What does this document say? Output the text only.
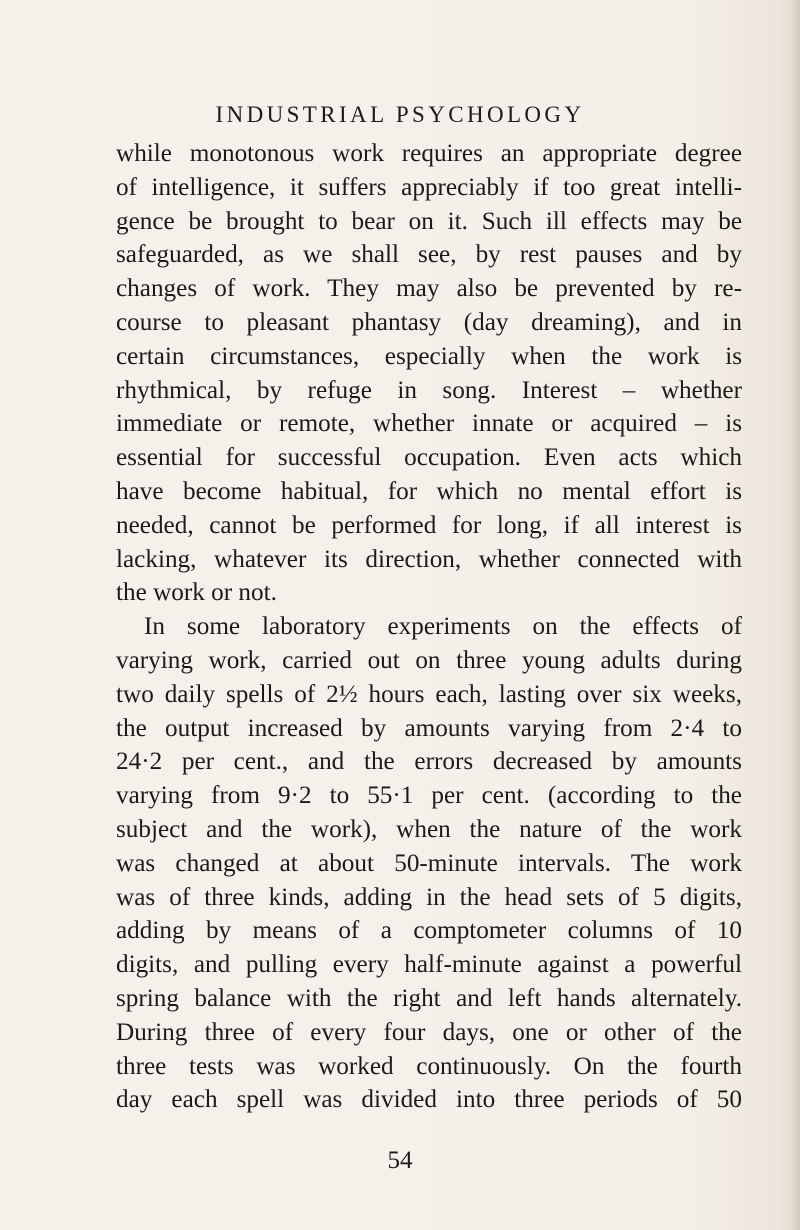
INDUSTRIAL PSYCHOLOGY
while monotonous work requires an appropriate degree
of intelligence, it suffers appreciably if too great intelli-
gence be brought to bear on it. Such ill effects may be
safeguarded, as we shall see, by rest pauses and by
changes of work. They may also be prevented by re-
course to pleasant phantasy (day dreaming), and in
certain circumstances, especially when the work is
rhythmical, by refuge in song. Interest – whether
immediate or remote, whether innate or acquired – is
essential for successful occupation. Even acts which
have become habitual, for which no mental effort is
needed, cannot be performed for long, if all interest is
lacking, whatever its direction, whether connected with
the work or not.
In some laboratory experiments on the effects of
varying work, carried out on three young adults during
two daily spells of 2½ hours each, lasting over six weeks,
the output increased by amounts varying from 2·4 to
24·2 per cent., and the errors decreased by amounts
varying from 9·2 to 55·1 per cent. (according to the
subject and the work), when the nature of the work
was changed at about 50-minute intervals. The work
was of three kinds, adding in the head sets of 5 digits,
adding by means of a comptometer columns of 10
digits, and pulling every half-minute against a powerful
spring balance with the right and left hands alternately.
During three of every four days, one or other of the
three tests was worked continuously. On the fourth
day each spell was divided into three periods of 50
54
